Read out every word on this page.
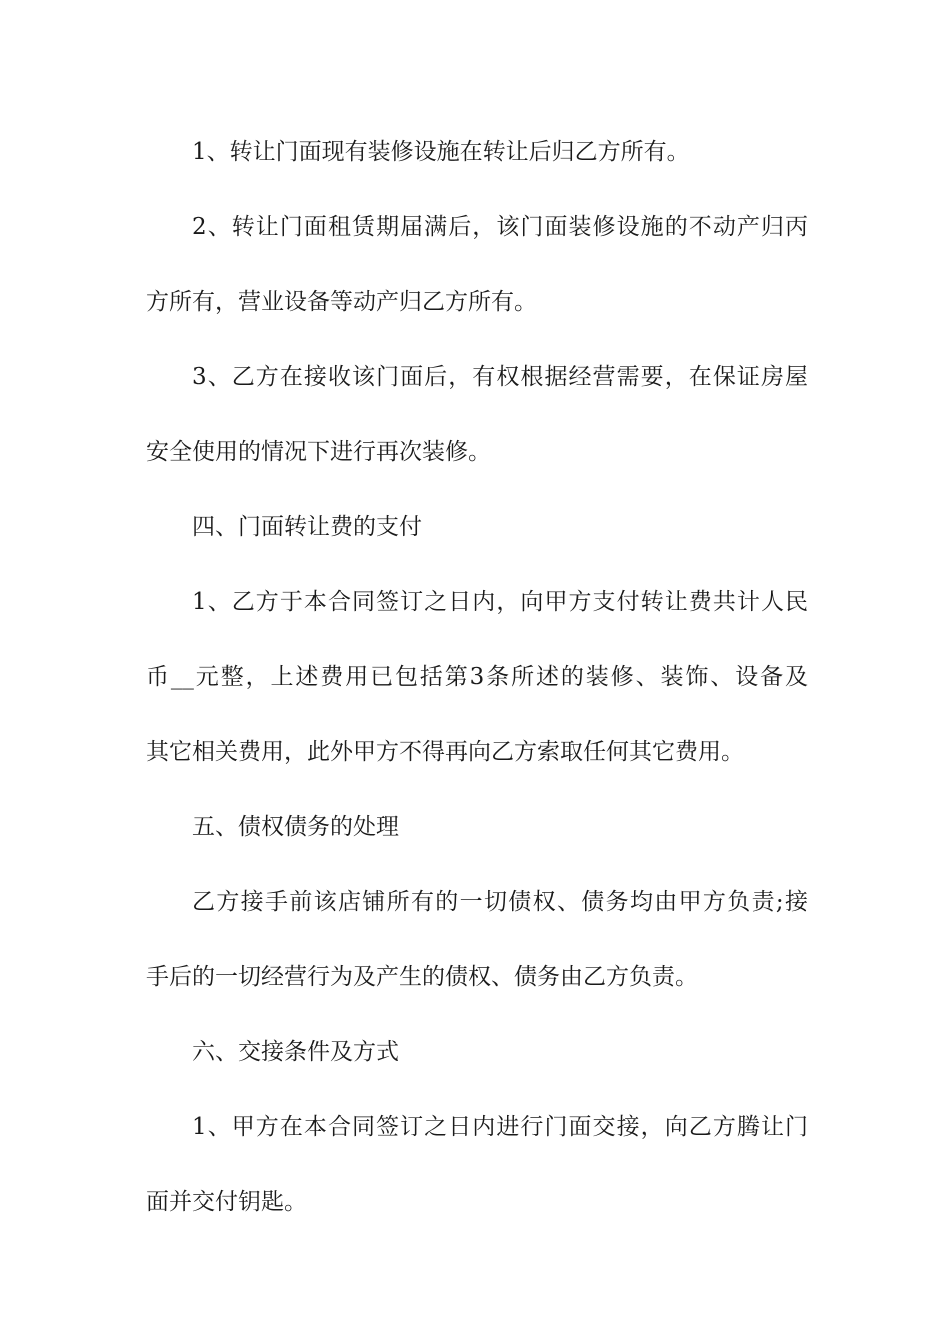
1、转让门面现有装修设施在转让后归乙方所有。

2、转让门面租赁期届满后，该门面装修设施的不动产归丙

方所有，营业设备等动产归乙方所有。

3、乙方在接收该门面后，有权根据经营需要，在保证房屋

安全使用的情况下进行再次装修。

四、门面转让费的支付

1、乙方于本合同签订之日内，向甲方支付转让费共计人民

币__元整，上述费用已包括第3条所述的装修、装饰、设备及

其它相关费用，此外甲方不得再向乙方索取任何其它费用。

五、债权债务的处理

乙方接手前该店铺所有的一切债权、债务均由甲方负责;接

手后的一切经营行为及产生的债权、债务由乙方负责。

六、交接条件及方式

1、甲方在本合同签订之日内进行门面交接，向乙方腾让门

面并交付钥匙。
